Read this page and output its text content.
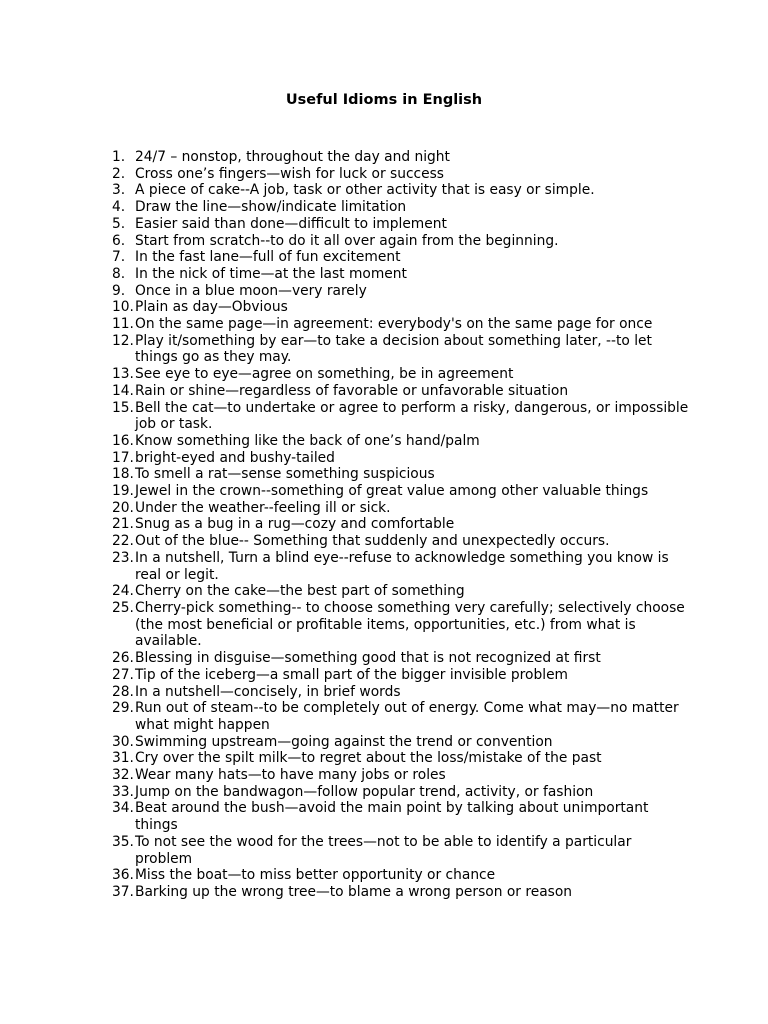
Useful Idioms in English
1. 24/7 – nonstop, throughout the day and night
2. Cross one’s fingers—wish for luck or success
3. A piece of cake--A job, task or other activity that is easy or simple.
4. Draw the line—show/indicate limitation
5. Easier said than done—difficult to implement
6. Start from scratch--to do it all over again from the beginning.
7. In the fast lane—full of fun excitement
8. In the nick of time—at the last moment
9. Once in a blue moon—very rarely
10. Plain as day—Obvious
11. On the same page—in agreement: everybody's on the same page for once
12. Play it/something by ear—to take a decision about something later, --to let things go as they may.
13. See eye to eye—agree on something, be in agreement
14. Rain or shine—regardless of favorable or unfavorable situation
15. Bell the cat—to undertake or agree to perform a risky, dangerous, or impossible job or task.
16. Know something like the back of one’s hand/palm
17. bright-eyed and bushy-tailed
18. To smell a rat—sense something suspicious
19. Jewel in the crown--something of great value among other valuable things
20. Under the weather--feeling ill or sick.
21. Snug as a bug in a rug—cozy and comfortable
22. Out of the blue-- Something that suddenly and unexpectedly occurs.
23. In a nutshell, Turn a blind eye--refuse to acknowledge something you know is real or legit.
24. Cherry on the cake—the best part of something
25. Cherry-pick something-- to choose something very carefully; selectively choose (the most beneficial or profitable items, opportunities, etc.) from what is available.
26. Blessing in disguise—something good that is not recognized at first
27. Tip of the iceberg—a small part of the bigger invisible problem
28. In a nutshell—concisely, in brief words
29. Run out of steam--to be completely out of energy. Come what may—no matter what might happen
30. Swimming upstream—going against the trend or convention
31. Cry over the spilt milk—to regret about the loss/mistake of the past
32. Wear many hats—to have many jobs or roles
33. Jump on the bandwagon—follow popular trend, activity, or fashion
34. Beat around the bush—avoid the main point by talking about unimportant things
35. To not see the wood for the trees—not to be able to identify a particular problem
36. Miss the boat—to miss better opportunity or chance
37. Barking up the wrong tree—to blame a wrong person or reason
